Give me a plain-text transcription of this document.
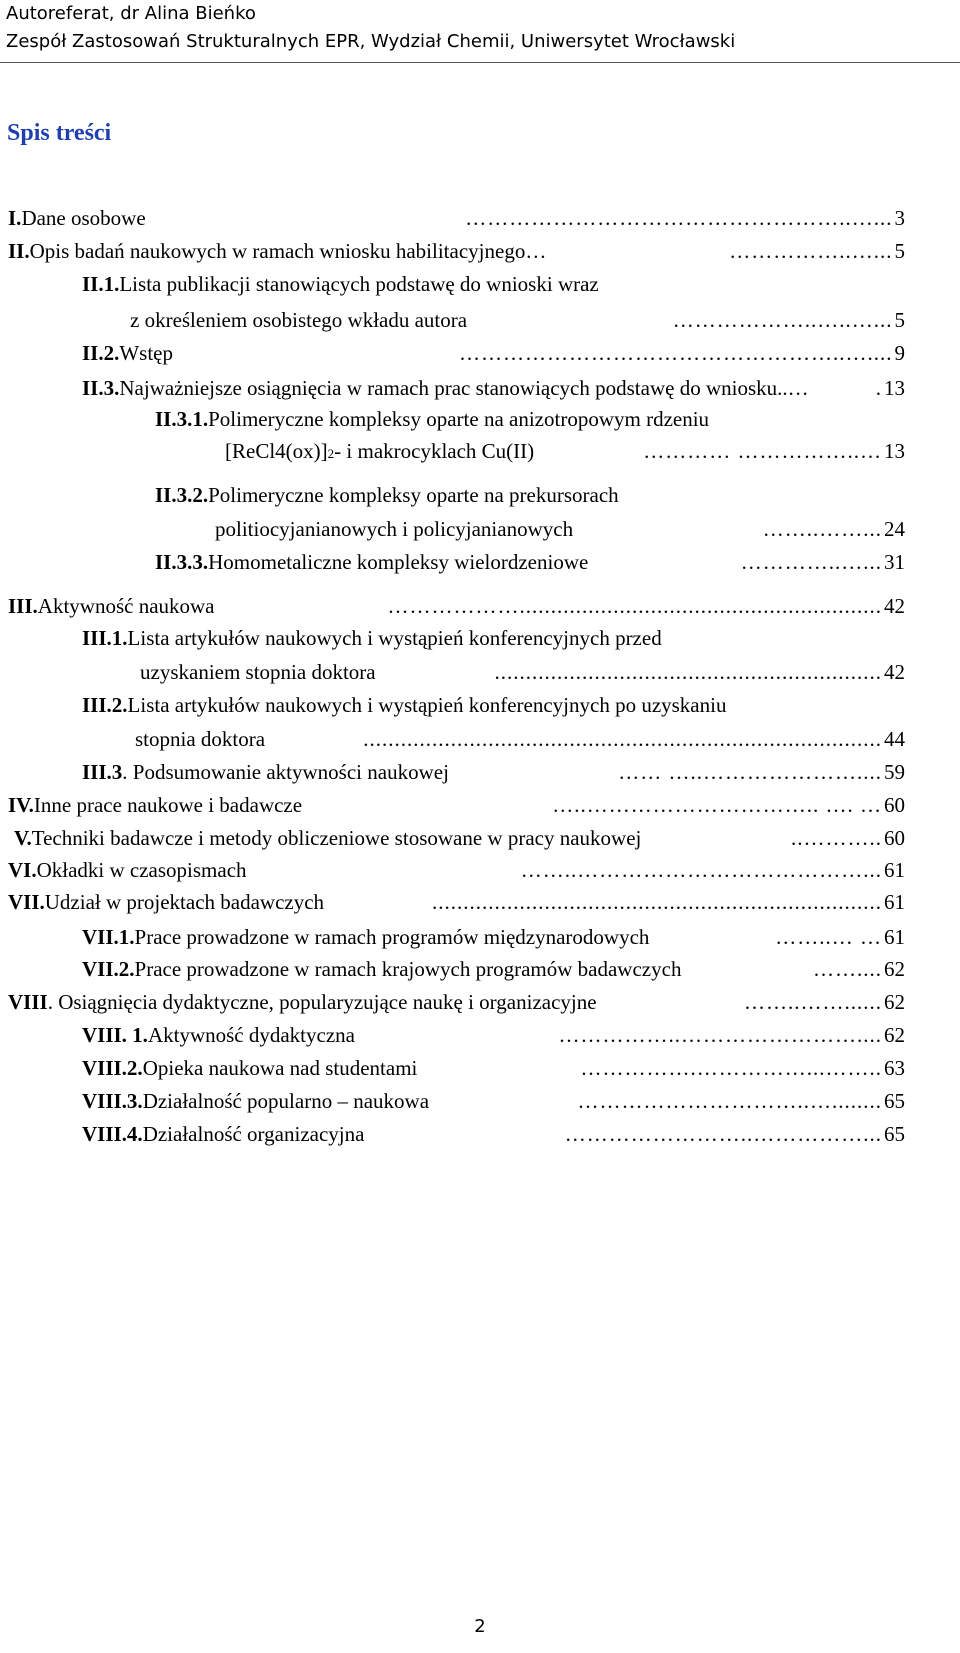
Autoreferat, dr Alina Bieńko
Zespół Zastosowań Strukturalnych EPR, Wydział Chemii, Uniwersytet Wrocławski
Spis treści
I. Dane osobowe	……………………………………………..…... 3
II. Opis badań naukowych w ramach wniosku habilitacyjnego…	……………..…... 5
II.1. Lista publikacji stanowiących podstawę do wnioski wraz
z określeniem osobistego wkładu autora	………………..…..…... 5
II.2. Wstęp	……………………………………………..….... 9
II.3. Najważniejsze osiągnięcia w ramach prac stanowiących podstawę do wniosku..…	. 13
II.3.1. Polimeryczne kompleksy oparte na anizotropowym rdzeniu
[ReCl4(ox)] 2 - i makrocyklach Cu(II)	………… ……………..… 13
II.3.2. Polimeryczne kompleksy oparte na prekursorach
politiocyjanianowych i policyjanianowych	……..……... 24
II.3.3. Homometaliczne kompleksy wielordzeniowe	…………..…... 31
III. Aktywność naukowa	……………….......................................................... 42
III.1. Lista artykułów naukowych i wystąpień konferencyjnych przed
uzyskaniem stopnia doktora	.............................................................. 42
III.2. Lista artykułów naukowych i wystąpień konferencyjnych po uzyskaniu
stopnia doktora	................................................................................... 44
III.3 . Podsumowanie aktywności naukowej	…… …..………………….... 59
IV. Inne prace naukowe i badawcze	…..………………………….. …. … 60
V. Techniki badawcze i metody obliczeniowe stosowane w pracy naukowej	..……….. 60
VI. Okładki w czasopismach	……..…………………………………... 61
VII. Udział w projektach badawczych	........................................................................ 61
VII.1. Prace prowadzone w ramach programów międzynarodowych	……..… … 61
VII.2. Prace prowadzone w ramach krajowych programów badawczych	…….... 62
VIII . Osiągnięcia dydaktyczne, popularyzujące naukę i organizacyjne	……..……...... 62
VIII. 1. Aktywność dydaktyczna	……………..…………………….... 62
VIII.2. Opieka naukowa nad studentami	…………….……………...…….. 63
VIII.3. Działalność popularno – naukowa	…………………………..…........ 65
VIII.4. Działalność organizacyjna	……………………..……………... 65
2
